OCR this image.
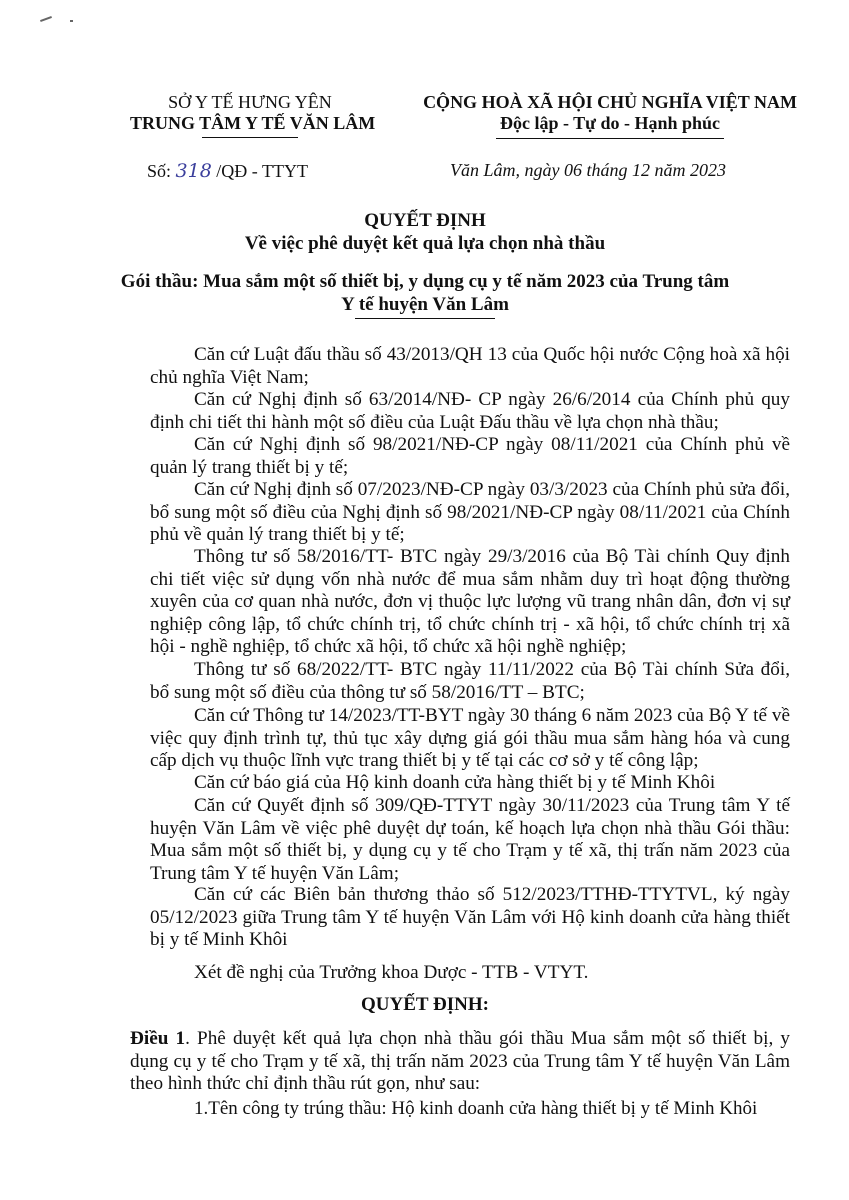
SỞ Y TẾ HƯNG YÊN
TRUNG TÂM Y TẾ VĂN LÂM
CỘNG HOÀ XÃ HỘI CHỦ NGHĨA VIỆT NAM
Độc lập - Tự do - Hạnh phúc
Số: 318 /QĐ - TTYT	Văn Lâm, ngày 06 tháng 12 năm 2023
QUYẾT ĐỊNH
Về việc phê duyệt kết quả lựa chọn nhà thầu
Gói thầu: Mua sắm một số thiết bị, y dụng cụ y tế năm 2023 của Trung tâm
Y tế huyện Văn Lâm
Căn cứ Luật đấu thầu số 43/2013/QH 13 của Quốc hội nước Cộng hoà xã hội chủ nghĩa Việt Nam;
Căn cứ Nghị định số 63/2014/NĐ- CP ngày 26/6/2014 của Chính phủ quy định chi tiết thi hành một số điều của Luật Đấu thầu về lựa chọn nhà thầu;
Căn cứ Nghị định số 98/2021/NĐ-CP ngày 08/11/2021 của Chính phủ về quản lý trang thiết bị y tế;
Căn cứ Nghị định số 07/2023/NĐ-CP ngày 03/3/2023 của Chính phủ sửa đổi, bổ sung một số điều của Nghị định số 98/2021/NĐ-CP ngày 08/11/2021 của Chính phủ về quản lý trang thiết bị y tế;
Thông tư số 58/2016/TT- BTC ngày 29/3/2016 của Bộ Tài chính Quy định chi tiết việc sử dụng vốn nhà nước để mua sắm nhằm duy trì hoạt động thường xuyên của cơ quan nhà nước, đơn vị thuộc lực lượng vũ trang nhân dân, đơn vị sự nghiệp công lập, tổ chức chính trị, tổ chức chính trị - xã hội, tổ chức chính trị xã hội - nghề nghiệp, tổ chức xã hội, tổ chức xã hội nghề nghiệp;
Thông tư số 68/2022/TT- BTC ngày 11/11/2022 của Bộ Tài chính Sửa đổi, bổ sung một số điều của thông tư số 58/2016/TT – BTC;
Căn cứ Thông tư 14/2023/TT-BYT ngày 30 tháng 6 năm 2023 của Bộ Y tế về việc quy định trình tự, thủ tục xây dựng giá gói thầu mua sắm hàng hóa và cung cấp dịch vụ thuộc lĩnh vực trang thiết bị y tế tại các cơ sở y tế công lập;
Căn cứ báo giá của Hộ kinh doanh cửa hàng thiết bị y tế Minh Khôi
Căn cứ Quyết định số 309/QĐ-TTYT ngày 30/11/2023 của Trung tâm Y tế huyện Văn Lâm về việc phê duyệt dự toán, kế hoạch lựa chọn nhà thầu Gói thầu: Mua sắm một số thiết bị, y dụng cụ y tế cho Trạm y tế xã, thị trấn năm 2023 của Trung tâm Y tế huyện Văn Lâm;
Căn cứ các Biên bản thương thảo số 512/2023/TTHĐ-TTYTVL, ký ngày 05/12/2023 giữa Trung tâm Y tế huyện Văn Lâm với Hộ kinh doanh cửa hàng thiết bị y tế Minh Khôi
Xét đề nghị của Trưởng khoa Dược - TTB - VTYT.
QUYẾT ĐỊNH:
Điều 1. Phê duyệt kết quả lựa chọn nhà thầu gói thầu Mua sắm một số thiết bị, y dụng cụ y tế cho Trạm y tế xã, thị trấn năm 2023 của Trung tâm Y tế huyện Văn Lâm theo hình thức chỉ định thầu rút gọn, như sau:
1.Tên công ty trúng thầu: Hộ kinh doanh cửa hàng thiết bị y tế Minh Khôi
